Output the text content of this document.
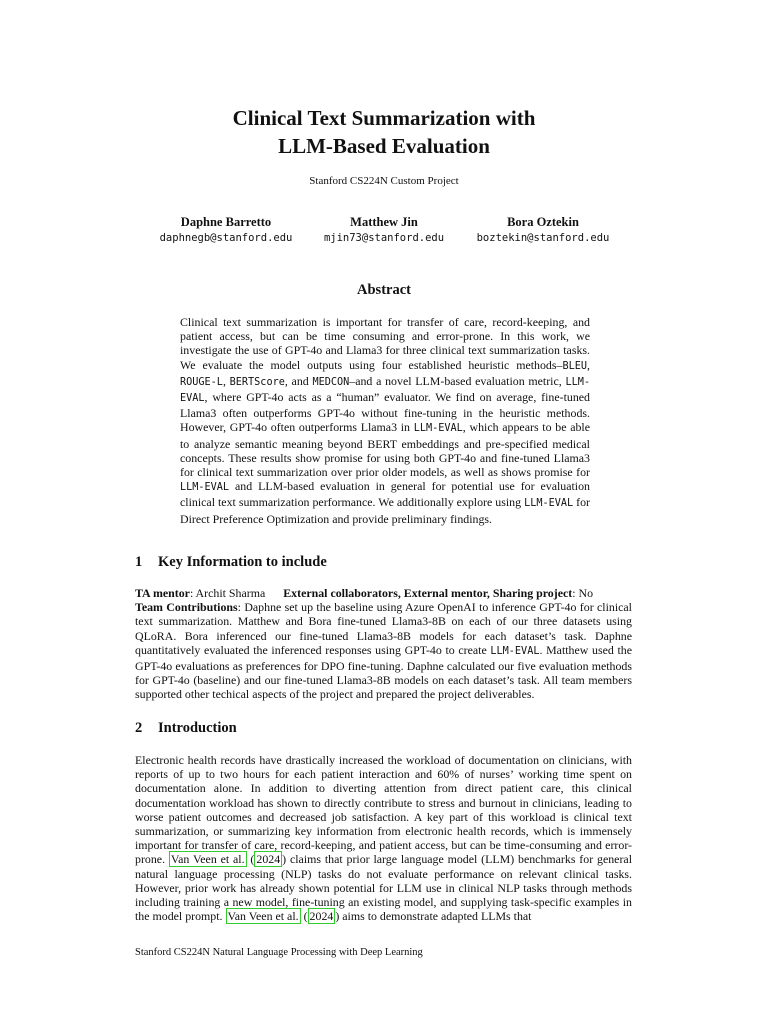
Clinical Text Summarization with
LLM-Based Evaluation
Stanford CS224N Custom Project
Daphne Barretto
daphnegb@stanford.edu
Matthew Jin
mjin73@stanford.edu
Bora Oztekin
boztekin@stanford.edu
Abstract
Clinical text summarization is important for transfer of care, record-keeping, and patient access, but can be time consuming and error-prone. In this work, we investigate the use of GPT-4o and Llama3 for three clinical text summarization tasks. We evaluate the model outputs using four established heuristic methods–BLEU, ROUGE-L, BERTScore, and MEDCON–and a novel LLM-based evaluation metric, LLM-EVAL, where GPT-4o acts as a “human” evaluator. We find on average, fine-tuned Llama3 often outperforms GPT-4o without fine-tuning in the heuristic methods. However, GPT-4o often outperforms Llama3 in LLM-EVAL, which appears to be able to analyze semantic meaning beyond BERT embeddings and pre-specified medical concepts. These results show promise for using both GPT-4o and fine-tuned Llama3 for clinical text summarization over prior older models, as well as shows promise for LLM-EVAL and LLM-based evaluation in general for potential use for evaluation clinical text summarization performance. We additionally explore using LLM-EVAL for Direct Preference Optimization and provide preliminary findings.
1 Key Information to include

TA mentor: Archit Sharma External collaborators, External mentor, Sharing project: No

Team Contributions: Daphne set up the baseline using Azure OpenAI to inference GPT-4o for clinical text summarization. Matthew and Bora fine-tuned Llama3-8B on each of our three datasets using QLoRA. Bora inferenced our fine-tuned Llama3-8B models for each dataset’s task. Daphne quantitatively evaluated the inferenced responses using GPT-4o to create LLM-EVAL. Matthew used the GPT-4o evaluations as preferences for DPO fine-tuning. Daphne calculated our five evaluation methods for GPT-4o (baseline) and our fine-tuned Llama3-8B models on each dataset’s task. All team members supported other techical aspects of the project and prepared the project deliverables.

2 Introduction

Electronic health records have drastically increased the workload of documentation on clinicians, with reports of up to two hours for each patient interaction and 60% of nurses’ working time spent on documentation alone. In addition to diverting attention from direct patient care, this clinical documentation workload has shown to directly contribute to stress and burnout in clinicians, leading to worse patient outcomes and decreased job satisfaction. A key part of this workload is clinical text summarization, or summarizing key information from electronic health records, which is immensely important for transfer of care, record-keeping, and patient access, but can be time-consuming and error-prone. Van Veen et al. ( 2024 ) claims that prior large language model (LLM) benchmarks for general natural language processing (NLP) tasks do not evaluate performance on relevant clinical tasks. However, prior work has already shown potential for LLM use in clinical NLP tasks through methods including training a new model, fine-tuning an existing model, and supplying task-specific examples in the model prompt. Van Veen et al. ( 2024 ) aims to demonstrate adapted LLMs that

Stanford CS224N Natural Language Processing with Deep Learning
